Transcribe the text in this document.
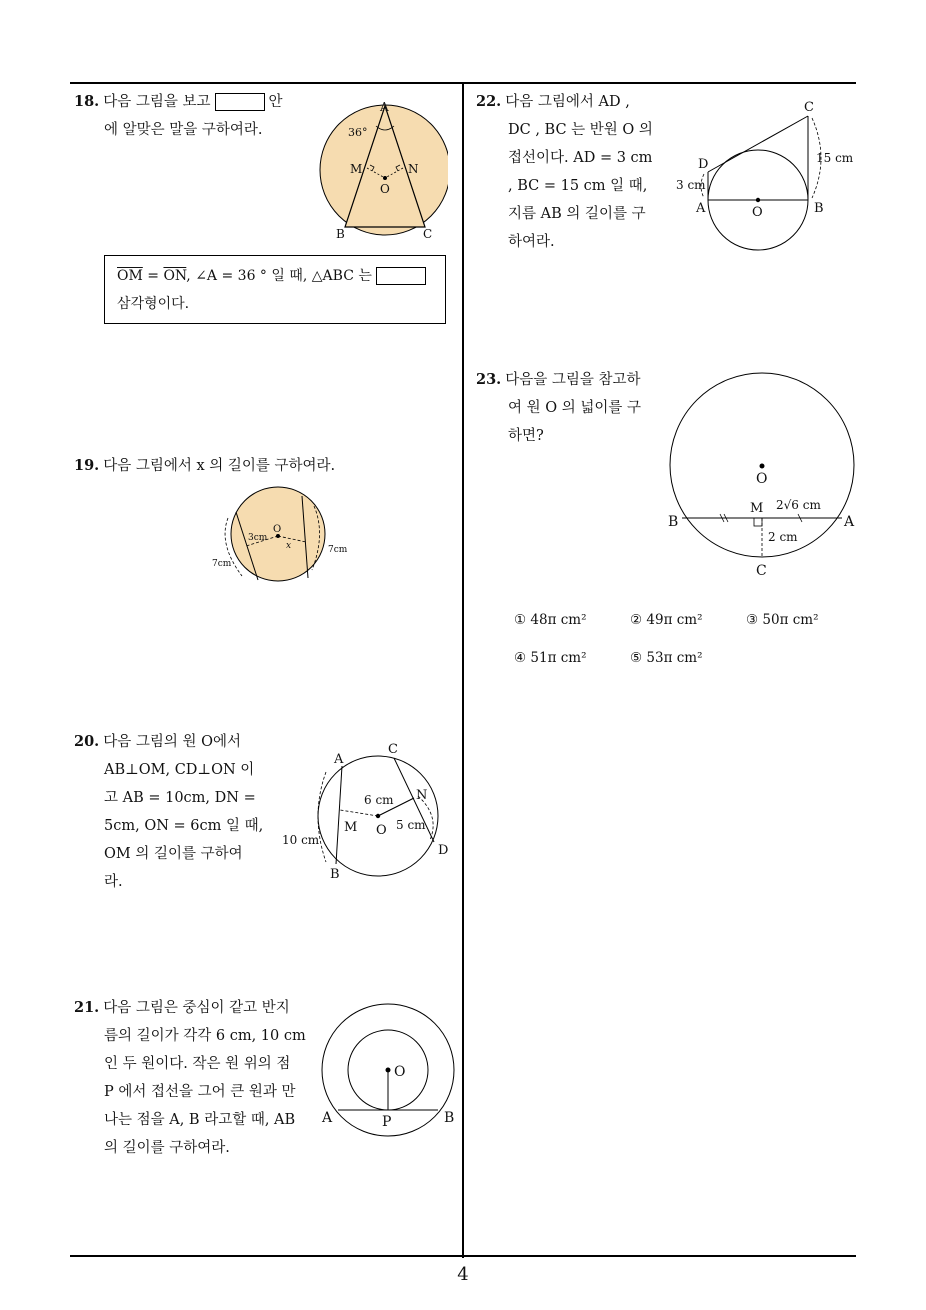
18. 다음 그림을 보고	안
에 알맞은 말을 구하여라.
A
B	C
M	N
O
36°
$\overline{OM} = \overline{ON}$, ∠A = 36 ° 일 때, △ABC 는
삼각형이다.
19. 다음 그림에서 x 의 길이를 구하여라.
O
3cm
x
7cm
7cm
20. 다음 그림의 원 O에서
AB⊥OM, CD⊥ON 이
고 AB = 10cm, DN =
5cm, ON = 6cm 일 때,
OM 의 길이를 구하여
라.
A
B
C
D
M
N
O
6 cm
5 cm
10 cm
21. 다음 그림은 중심이 같고 반지
름의 길이가 각각 6 cm, 10 cm
인 두 원이다. 작은 원 위의 점
P 에서 접선을 그어 큰 원과 만
나는 점을 A, B 라고할 때, AB
의 길이를 구하여라.
O
A	B
P
22. 다음 그림에서 AD ,
DC , BC 는 반원 O 의
접선이다. AD = 3 cm
, BC = 15 cm 일 때,
지름 AB 의 길이를 구
하여라.
C
D
A	B
O
3 cm
15 cm
23. 다음을 그림을 참고하
여 원 O 의 넓이를 구
하면?
O
M
B	A
C
2√6 cm
2 cm
① 48π cm²	② 49π cm²	③ 50π cm²
④ 51π cm²	⑤ 53π cm²
4
